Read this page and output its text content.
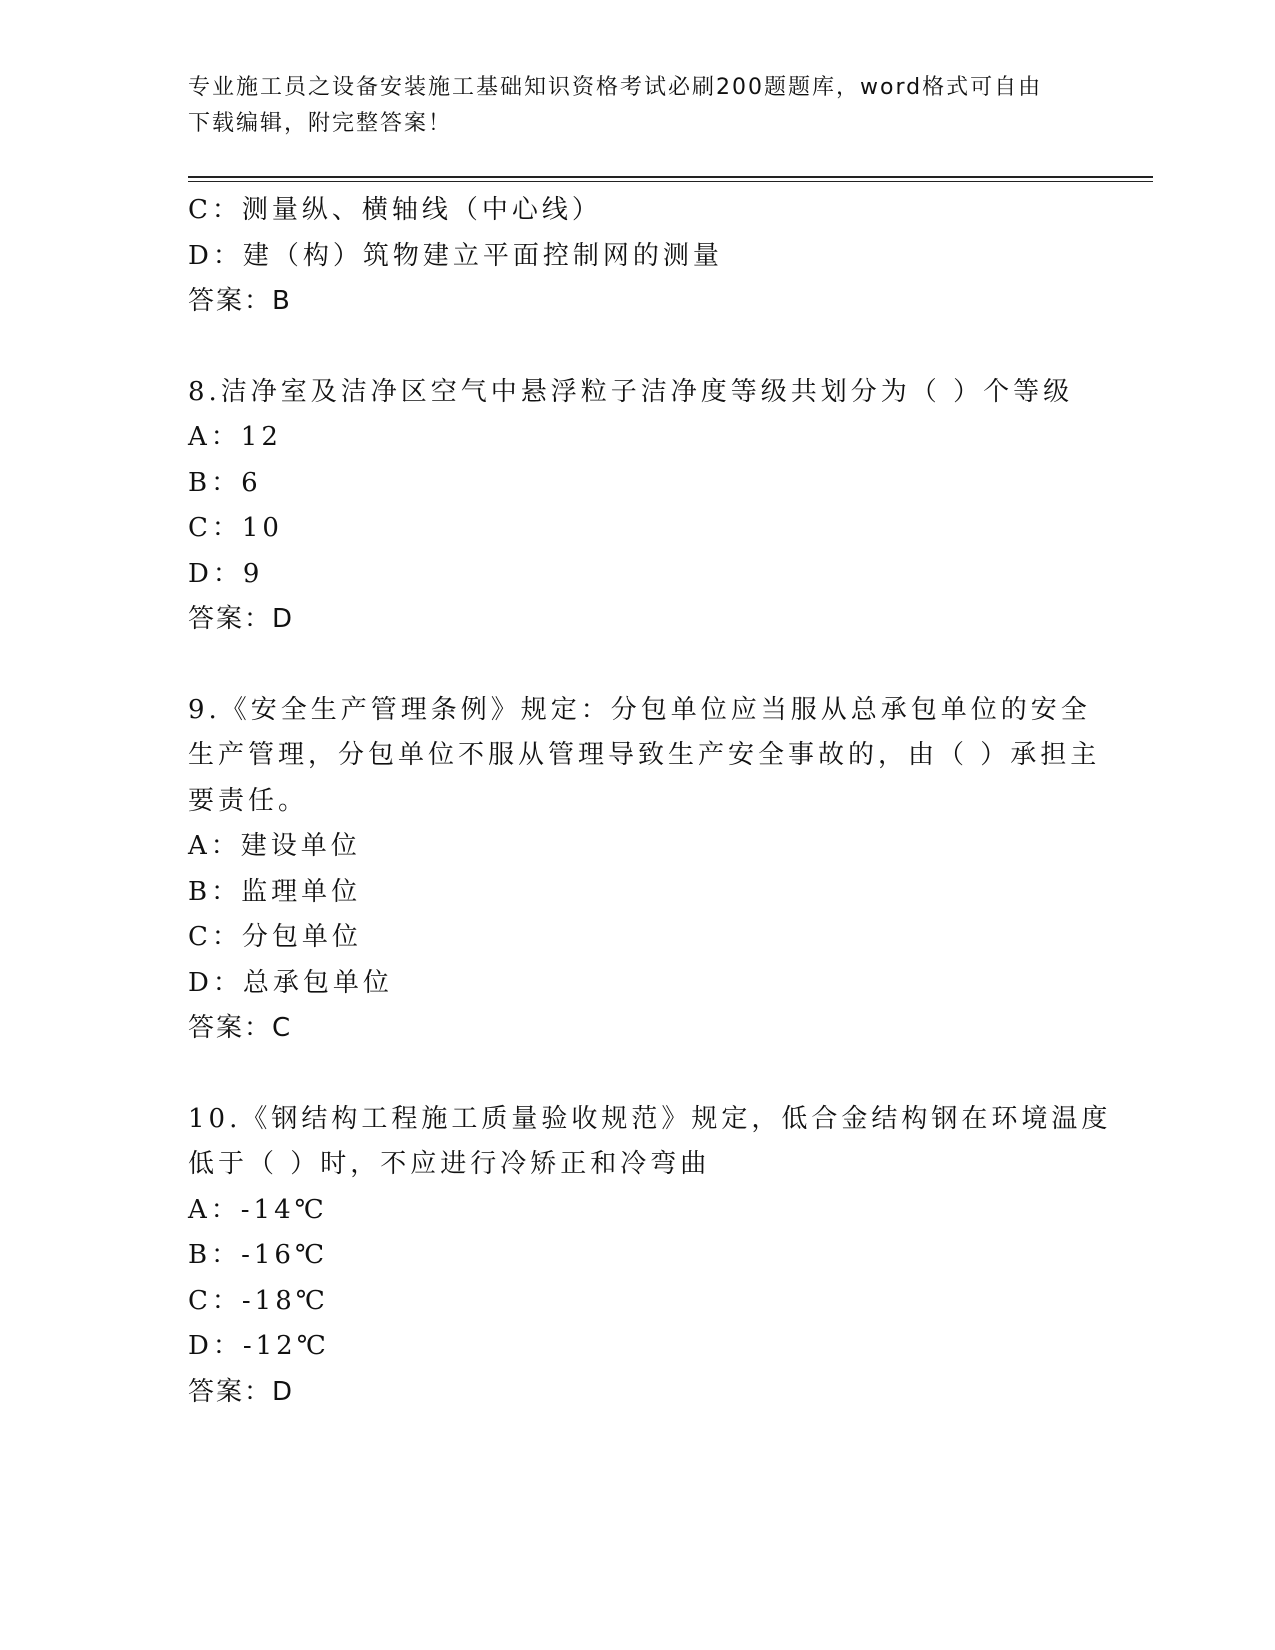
专业施工员之设备安装施工基础知识资格考试必刷200题题库，word格式可自由
下载编辑，附完整答案！
C：测量纵、横轴线（中心线）
D：建（构）筑物建立平面控制网的测量
答案：B
8.洁净室及洁净区空气中悬浮粒子洁净度等级共划分为（ ）个等级
A：12
B：6
C：10
D：9
答案：D
9.《安全生产管理条例》规定：分包单位应当服从总承包单位的安全
生产管理，分包单位不服从管理导致生产安全事故的，由（ ）承担主
要责任。
A：建设单位
B：监理单位
C：分包单位
D：总承包单位
答案：C
10.《钢结构工程施工质量验收规范》规定，低合金结构钢在环境温度
低于（ ）时，不应进行冷矫正和冷弯曲
A：-14℃
B：-16℃
C：-18℃
D：-12℃
答案：D
